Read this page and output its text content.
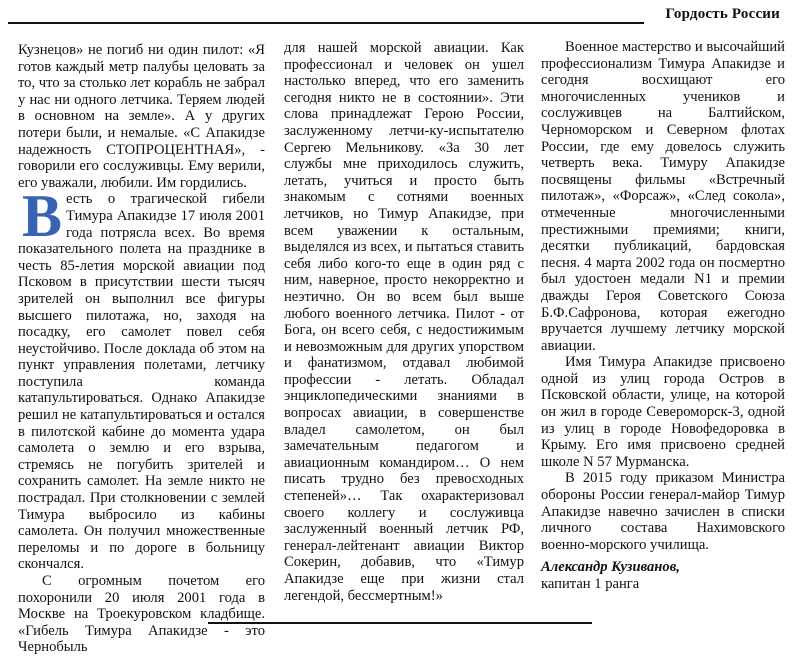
Гордость России

Кузнецов» не погиб ни один пилот: «Я готов каждый метр палубы целовать за то, что за столько лет корабль не забрал у нас ни одного летчика. Теряем людей в основном на земле». А у других потери были, и немалые. «С Апакидзе надежность СТОПРОЦЕНТНАЯ», - говорили его сослуживцы. Ему верили, его уважали, любили. Им гордились.

Весть о трагической гибели Тимура Апакидзе 17 июля 2001 года потрясла всех. Во время показательного полета на празднике в честь 85-летия морской авиации под Псковом в присутствии шести тысяч зрителей он выполнил все фигуры высшего пилотажа, но, заходя на посадку, его самолет повел себя неустойчиво. После доклада об этом на пункт управления полетами, летчику поступила команда катапультироваться. Однако Апакидзе решил не катапультироваться и остался в пилотской кабине до момента удара самолета о землю и его взрыва, стремясь не погубить зрителей и сохранить самолет. На земле никто не пострадал. При столкновении с землей Тимура выбросило из кабины самолета. Он получил множественные переломы и по дороге в больницу скончался.

С огромным почетом его похоронили 20 июля 2001 года в Москве на Троекуровском кладбище. «Гибель Тимура Апакидзе - это Чернобыль

для нашей морской авиации. Как профессионал и человек он ушел настолько вперед, что его заменить сегодня никто не в состоянии». Эти слова принадлежат Герою России, заслуженному летчи-ку-испытателю Сергею Мельникову. «За 30 лет службы мне приходилось служить, летать, учиться и просто быть знакомым с сотнями военных летчиков, но Тимур Апакидзе, при всем уважении к остальным, выделялся из всех, и пытаться ставить себя либо кого-то еще в один ряд с ним, наверное, просто некорректно и неэтично. Он во всем был выше любого военного летчика. Пилот - от Бога, он всего себя, с недостижимым и невозможным для других упорством и фанатизмом, отдавал любимой профессии - летать. Обладал энциклопедическими знаниями в вопросах авиации, в совершенстве владел самолетом, он был замечательным педагогом и авиационным командиром… О нем писать трудно без превосходных степеней»… Так охарактеризовал своего коллегу и сослуживца заслуженный военный летчик РФ, генерал-лейтенант авиации Виктор Сокерин, добавив, что «Тимур Апакидзе еще при жизни стал легендой, бессмертным!»

Военное мастерство и высочайший профессионализм Тимура Апакидзе и сегодня восхищают его многочисленных учеников и сослуживцев на Балтийском, Черноморском и Северном флотах России, где ему довелось служить четверть века. Тимуру Апакидзе посвящены фильмы «Встречный пилотаж», «Форсаж», «След сокола», отмеченные многочисленными престижными премиями; книги, десятки публикаций, бардовская песня. 4 марта 2002 года он посмертно был удостоен медали N1 и премии дважды Героя Советского Союза Б.Ф.Сафронова, которая ежегодно вручается лучшему летчику морской авиации.

Имя Тимура Апакидзе присвоено одной из улиц города Остров в Псковской области, улице, на которой он жил в городе Североморск-3, одной из улиц в городе Новофедоровка в Крыму. Его имя присвоено средней школе N 57 Мурманска.

В 2015 году приказом Министра обороны России генерал-майор Тимур Апакидзе навечно зачислен в списки личного состава Нахимовского военно-морского училища.

Александр Кузиванов,
капитан 1 ранга
